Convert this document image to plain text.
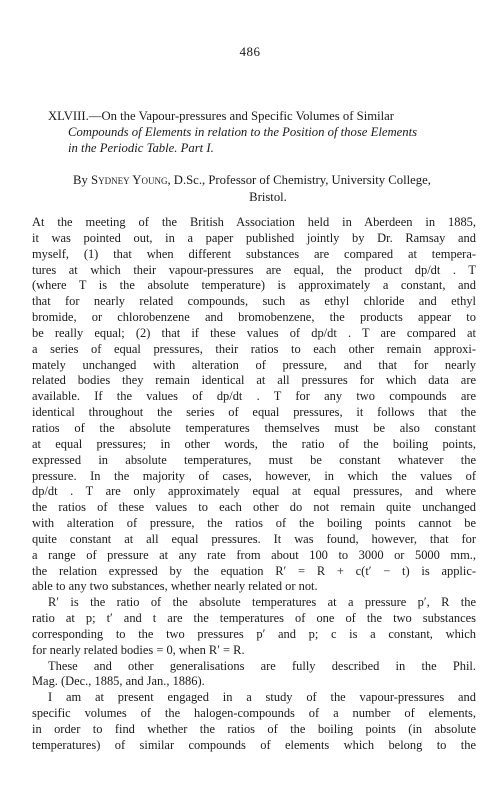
486
XLVIII.—On the Vapour-pressures and Specific Volumes of Similar
Compounds of Elements in relation to the Position of those Elements
in the Periodic Table. Part I.
By Sydney Young, D.Sc., Professor of Chemistry, University College,
Bristol.
At the meeting of the British Association held in Aberdeen in 1885,
it was pointed out, in a paper published jointly by Dr. Ramsay and
myself, (1) that when different substances are compared at tempera-
tures at which their vapour-pressures are equal, the product dp/dt . T
(where T is the absolute temperature) is approximately a constant, and
that for nearly related compounds, such as ethyl chloride and ethyl
bromide, or chlorobenzene and bromobenzene, the products appear to
be really equal; (2) that if these values of dp/dt . T are compared at
a series of equal pressures, their ratios to each other remain approxi-
mately unchanged with alteration of pressure, and that for nearly
related bodies they remain identical at all pressures for which data are
available. If the values of dp/dt . T for any two compounds are
identical throughout the series of equal pressures, it follows that the
ratios of the absolute temperatures themselves must be also constant
at equal pressures; in other words, the ratio of the boiling points,
expressed in absolute temperatures, must be constant whatever the
pressure. In the majority of cases, however, in which the values of
dp/dt . T are only approximately equal at equal pressures, and where
the ratios of these values to each other do not remain quite unchanged
with alteration of pressure, the ratios of the boiling points cannot be
quite constant at all equal pressures. It was found, however, that for
a range of pressure at any rate from about 100 to 3000 or 5000 mm.,
the relation expressed by the equation R′ = R + c(t′ − t) is applic-
able to any two substances, whether nearly related or not.
R′ is the ratio of the absolute temperatures at a pressure p′, R the
ratio at p; t′ and t are the temperatures of one of the two substances
corresponding to the two pressures p′ and p; c is a constant, which
for nearly related bodies = 0, when R′ = R.
These and other generalisations are fully described in the Phil.
Mag. (Dec., 1885, and Jan., 1886).
I am at present engaged in a study of the vapour-pressures and
specific volumes of the halogen-compounds of a number of elements,
in order to find whether the ratios of the boiling points (in absolute
temperatures) of similar compounds of elements which belong to the
